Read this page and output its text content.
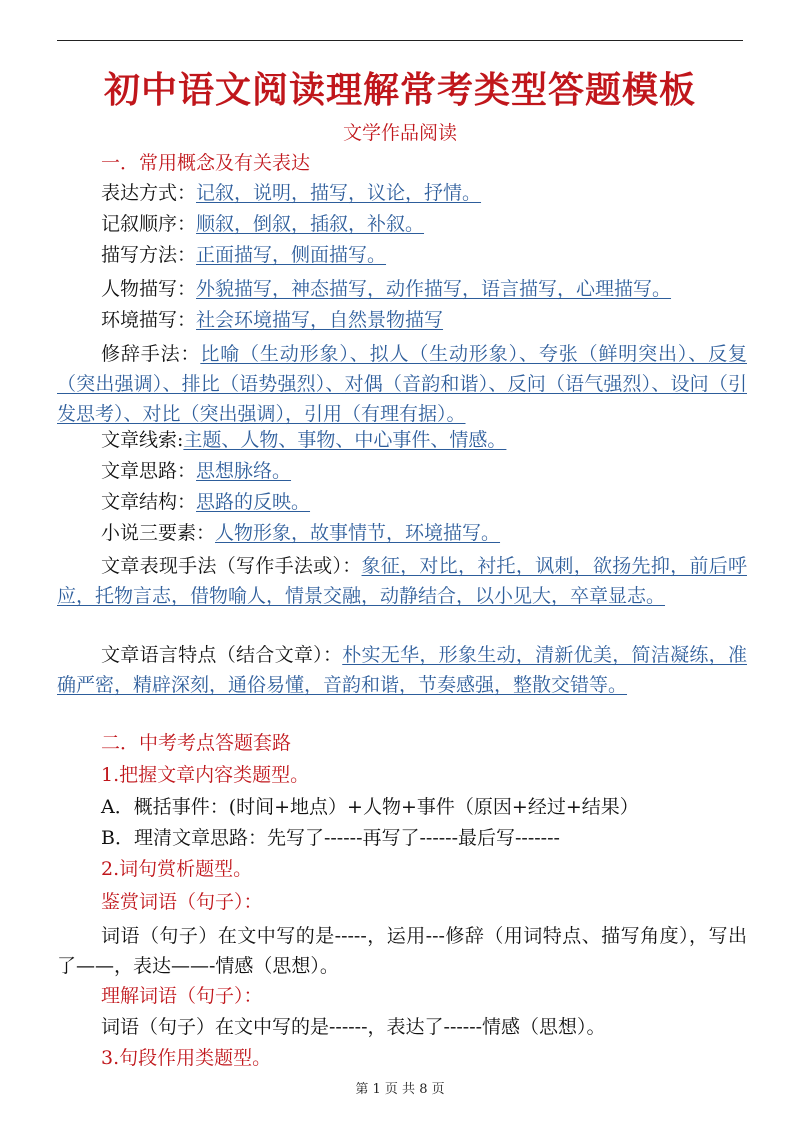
初中语文阅读理解常考类型答题模板
文学作品阅读
一．常用概念及有关表达
表达方式：记叙，说明，描写，议论，抒情。
记叙顺序：顺叙，倒叙，插叙，补叙。
描写方法：正面描写，侧面描写。
人物描写：外貌描写，神态描写，动作描写，语言描写，心理描写。
环境描写：社会环境描写，自然景物描写
修辞手法：比喻（生动形象）、拟人（生动形象）、夸张（鲜明突出）、反复（突出强调）、排比（语势强烈）、对偶（音韵和谐）、反问（语气强烈）、设问（引发思考）、对比（突出强调），引用（有理有据）。
文章线索:主题、人物、事物、中心事件、情感。
文章思路：思想脉络。
文章结构：思路的反映。
小说三要素：人物形象，故事情节，环境描写。
文章表现手法（写作手法或）：象征，对比，衬托，讽刺，欲扬先抑，前后呼应，托物言志，借物喻人，情景交融，动静结合，以小见大，卒章显志。
文章语言特点（结合文章）：朴实无华，形象生动，清新优美，简洁凝练，准确严密，精辟深刻，通俗易懂，音韵和谐，节奏感强，整散交错等。
二．中考考点答题套路
1.把握文章内容类题型。
A．概括事件：(时间+地点）+人物+事件（原因+经过+结果）
B．理清文章思路：先写了------再写了------最后写-------
2.词句赏析题型。
鉴赏词语（句子）：
词语（句子）在文中写的是-----，运用---修辞（用词特点、描写角度），写出了——，表达——-情感（思想）。
理解词语（句子）：
词语（句子）在文中写的是------，表达了------情感（思想）。
3.句段作用类题型。
第 1 页 共 8 页
